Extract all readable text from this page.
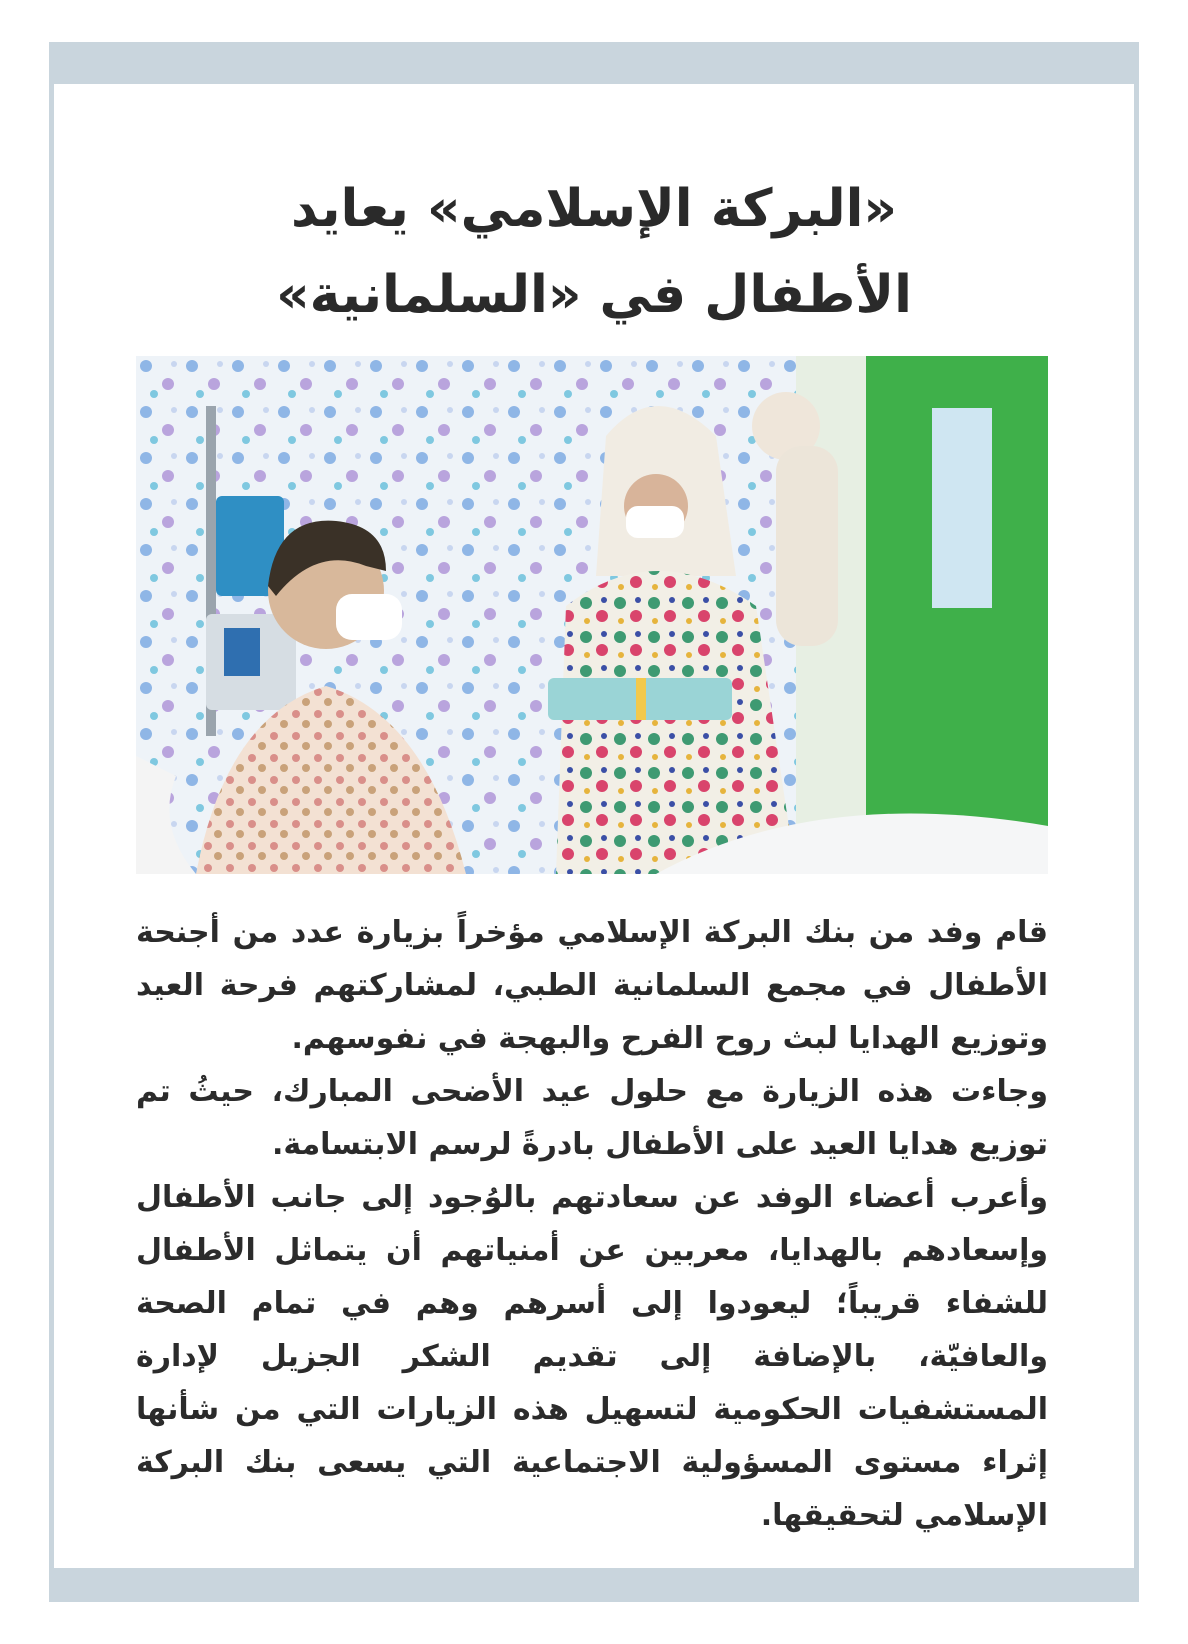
«البركة الإسلامي» يعايد
الأطفال في «السلمانية»

قام وفد من بنك البركة الإسلامي مؤخراً بزيارة عدد من أجنحة الأطفال في مجمع السلمانية الطبي، لمشاركتهم فرحة العيد وتوزيع الهدايا لبث روح الفرح والبهجة في نفوسهم.

وجاءت هذه الزيارة مع حلول عيد الأضحى المبارك، حيثُ تم توزيع هدايا العيد على الأطفال بادرةً لرسم الابتسامة.

وأعرب أعضاء الوفد عن سعادتهم بالوُجود إلى جانب الأطفال وإسعادهم بالهدايا، معربين عن أمنياتهم أن يتماثل الأطفال للشفاء قريباً؛ ليعودوا إلى أسرهم وهم في تمام الصحة والعافيّة، بالإضافة إلى تقديم الشكر الجزيل لإدارة المستشفيات الحكومية لتسهيل هذه الزيارات التي من شأنها إثراء مستوى المسؤولية الاجتماعية التي يسعى بنك البركة الإسلامي لتحقيقها.
